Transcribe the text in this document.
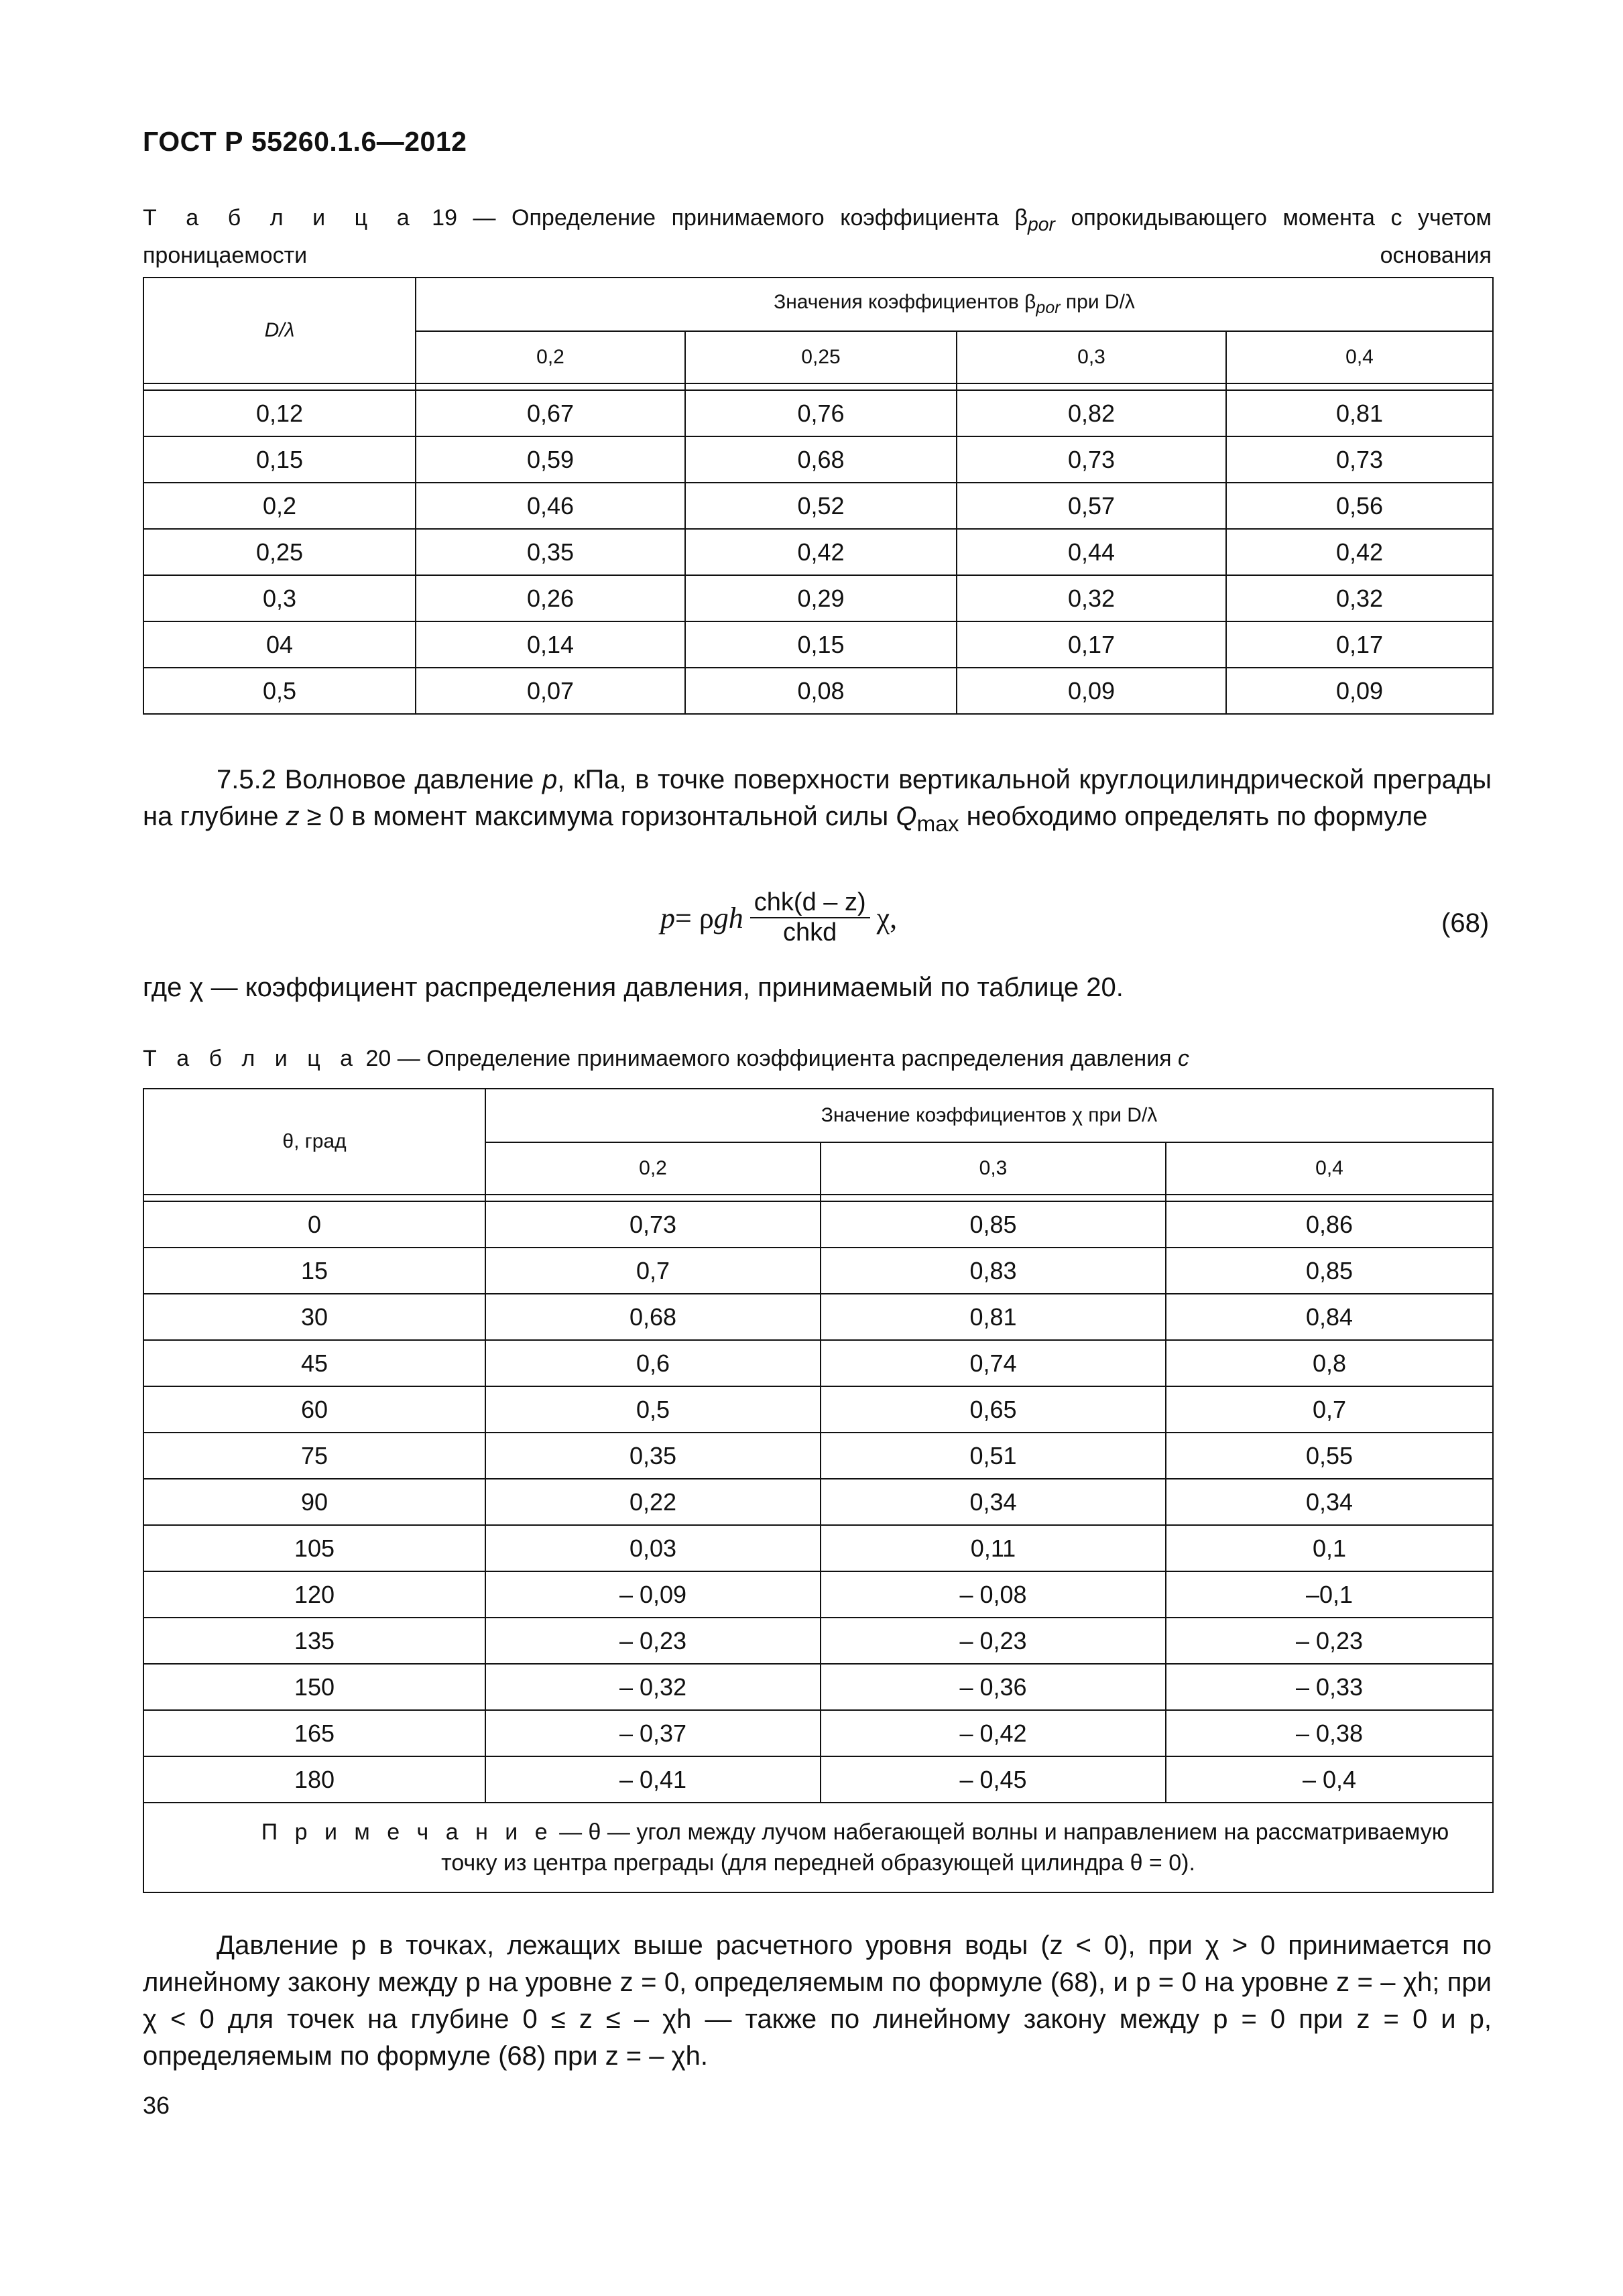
ГОСТ Р 55260.1.6—2012
Т а б л и ц а 19 — Определение принимаемого коэффициента $\beta_{por}$ опрокидывающего момента с учетом проницаемости основания
D/λ	Значения коэффициентов $\beta_{por}$ при D/λ			
	0,2	0,25	0,3	0,4

0,12	0,67	0,76	0,82	0,81
0,15	0,59	0,68	0,73	0,73
0,2	0,46	0,52	0,57	0,56
0,25	0,35	0,42	0,44	0,42
0,3	0,26	0,29	0,32	0,32
04	0,14	0,15	0,17	0,17
0,5	0,07	0,08	0,09	0,09
7.5.2 Волновое давление p, кПа, в точке поверхности вертикальной круглоцилиндрической преграды на глубине z ≥ 0 в момент максимума горизонтальной силы $Q_{max}$ необходимо определять по формуле
p = ρ gh $\frac{\text{chk(d – z)}}{\text{chkd}} \chi$,	(68)
где χ — коэффициент распределения давления, принимаемый по таблице 20.
Т а б л и ц а 20 — Определение принимаемого коэффициента распределения давления c
θ, град	Значение коэффициентов χ при D/λ		
	0,2	0,3	0,4

0	0,73	0,85	0,86
15	0,7	0,83	0,85
30	0,68	0,81	0,84
45	0,6	0,74	0,8
60	0,5	0,65	0,7
75	0,35	0,51	0,55
90	0,22	0,34	0,34
105	0,03	0,11	0,1
120	– 0,09	– 0,08	–0,1
135	– 0,23	– 0,23	– 0,23
150	– 0,32	– 0,36	– 0,33
165	– 0,37	– 0,42	– 0,38
180	– 0,41	– 0,45	– 0,4
П р и м е ч а н и е — θ — угол между лучом набегающей волны и направлением на рассматриваемую точку из центра преграды (для передней образующей цилиндра θ = 0).			
Давление p в точках, лежащих выше расчетного уровня воды (z < 0), при χ > 0 принимается по линейному закону между p на уровне z = 0, определяемым по формуле (68), и p = 0 на уровне z = – χh; при χ < 0 для точек на глубине 0 ≤ z ≤ – χh — также по линейному закону между p = 0 при z = 0 и p, определяемым по формуле (68) при z = – χh.
36
